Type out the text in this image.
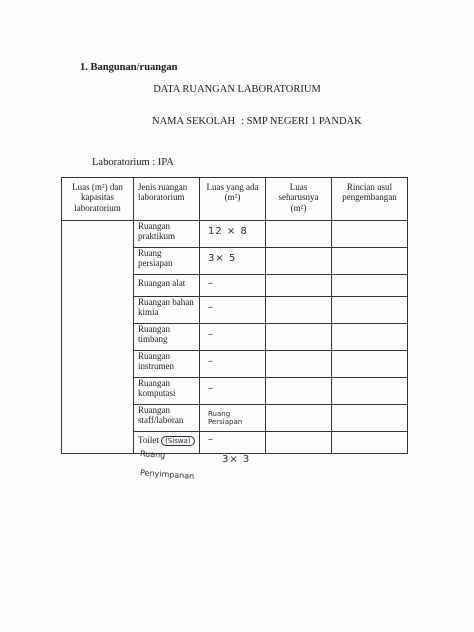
1. Bangunan/ruangan
DATA RUANGAN LABORATORIUM
NAMA SEKOLAH : SMP NEGERI 1 PANDAK
Laboratorium : IPA
Luas (m²) dan kapasitas laboratorium	Jenis ruangan laboratorium	Luas yang ada (m²)	Luas seharusnya (m²)	Rincian usul pengembangan
	Ruangan praktikum	12 × 8		
	Ruang persiapan	3× 5		
	Ruangan alat	–		
	Ruangan bahan kimia	–		
	Ruangan timbang	–		
	Ruangan instrumen	–		
	Ruangan komputasi	–		
	Ruangan staff/laboran	Ruang Persiapan		
	Toilet (Siswa)	–		
Ruang
Penyimpanan
3× 3
